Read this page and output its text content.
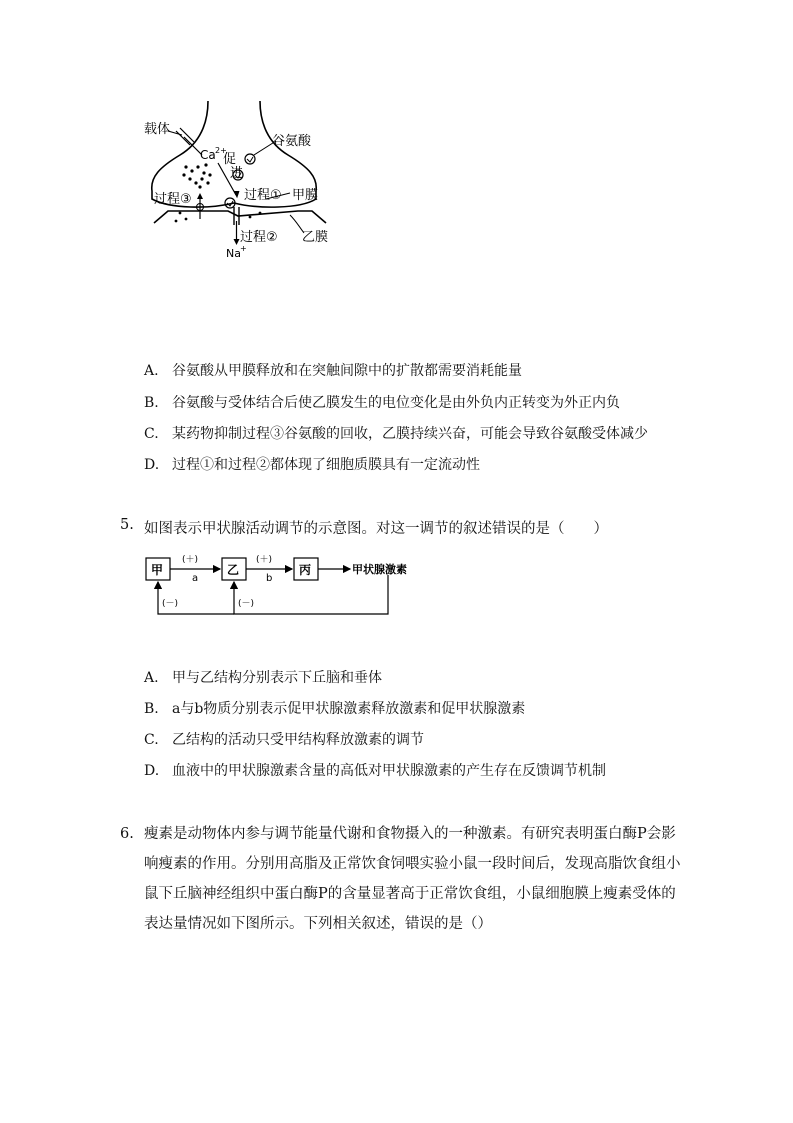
载体
谷氨酸
Ca 2+
促
进
过程①
过程③	甲膜
过程② 乙膜
Na +
A. 谷氨酸从甲膜释放和在突触间隙中的扩散都需要消耗能量
B. 谷氨酸与受体结合后使乙膜发生的电位变化是由外负内正转变为外正内负
C. 某药物抑制过程③谷氨酸的回收，乙膜持续兴奋，可能会导致谷氨酸受体减少
D. 过程①和过程②都体现了细胞质膜具有一定流动性
5. 如图表示甲状腺活动调节的示意图。对这一调节的叙述错误的是（　　）
甲	乙	丙
(＋)	(＋)
a	b
甲状腺激素
(－)	(－)
A. 甲与乙结构分别表示下丘脑和垂体
B. a与b物质分别表示促甲状腺激素释放激素和促甲状腺激素
C. 乙结构的活动只受甲结构释放激素的调节
D. 血液中的甲状腺激素含量的高低对甲状腺激素的产生存在反馈调节机制
6. 瘦素是动物体内参与调节能量代谢和食物摄入的一种激素。有研究表明蛋白酶P会影
响瘦素的作用。分别用高脂及正常饮食饲喂实验小鼠一段时间后，发现高脂饮食组小
鼠下丘脑神经组织中蛋白酶P的含量显著高于正常饮食组，小鼠细胞膜上瘦素受体的
表达量情况如下图所示。下列相关叙述，错误的是（）
